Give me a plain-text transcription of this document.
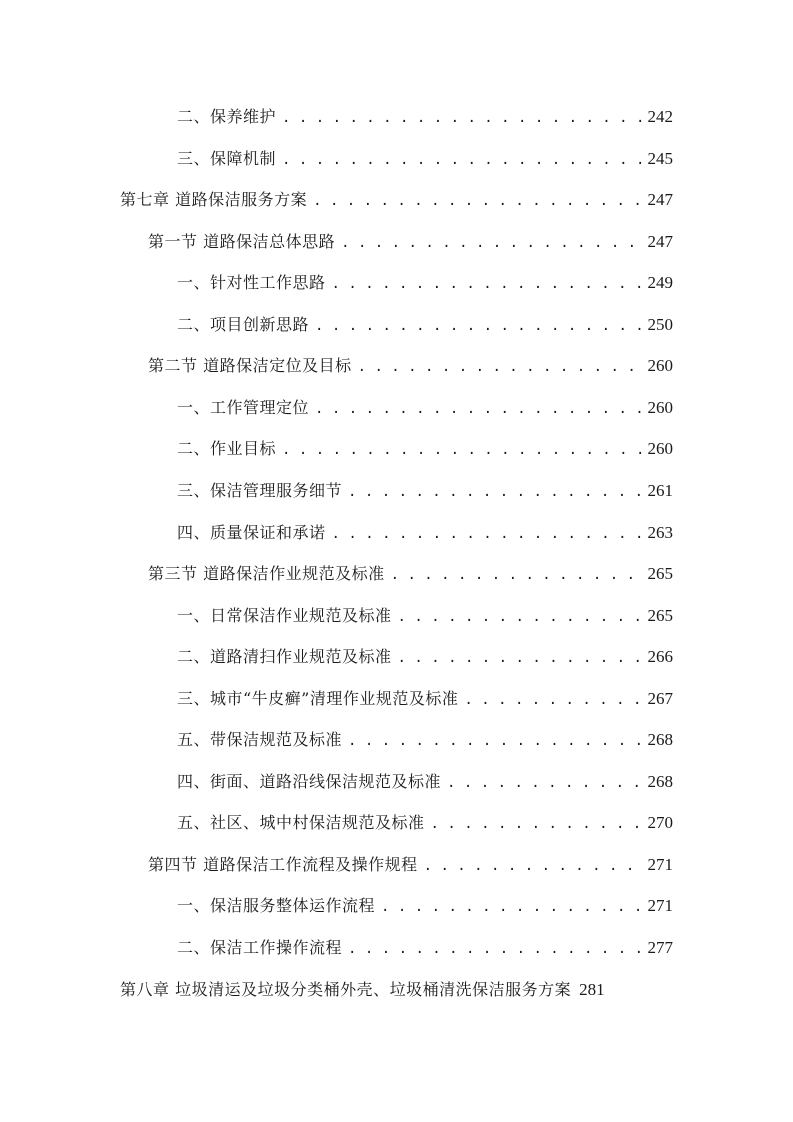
二、保养维护 . . .	242
三、保障机制 . . .	245
第七章 道路保洁服务方案 . . .	247
第一节 道路保洁总体思路 . . .	247
一、针对性工作思路 . . .	249
二、项目创新思路 . . .	250
第二节 道路保洁定位及目标 . . .	260
一、工作管理定位 . . .	260
二、作业目标 . . .	260
三、保洁管理服务细节 . . .	261
四、质量保证和承诺 . . .	263
第三节 道路保洁作业规范及标准 . . .	265
一、日常保洁作业规范及标准 . . .	265
二、道路清扫作业规范及标准 . . .	266
三、城市“牛皮癣”清理作业规范及标准 . . .	267
五、带保洁规范及标准 . . .	268
四、街面、道路沿线保洁规范及标准 . . .	268
五、社区、城中村保洁规范及标准 . . .	270
第四节 道路保洁工作流程及操作规程 . . .	271
一、保洁服务整体运作流程 . . .	271
二、保洁工作操作流程 . . .	277
第八章 垃圾清运及垃圾分类桶外壳、垃圾桶清洗保洁服务方案 281
